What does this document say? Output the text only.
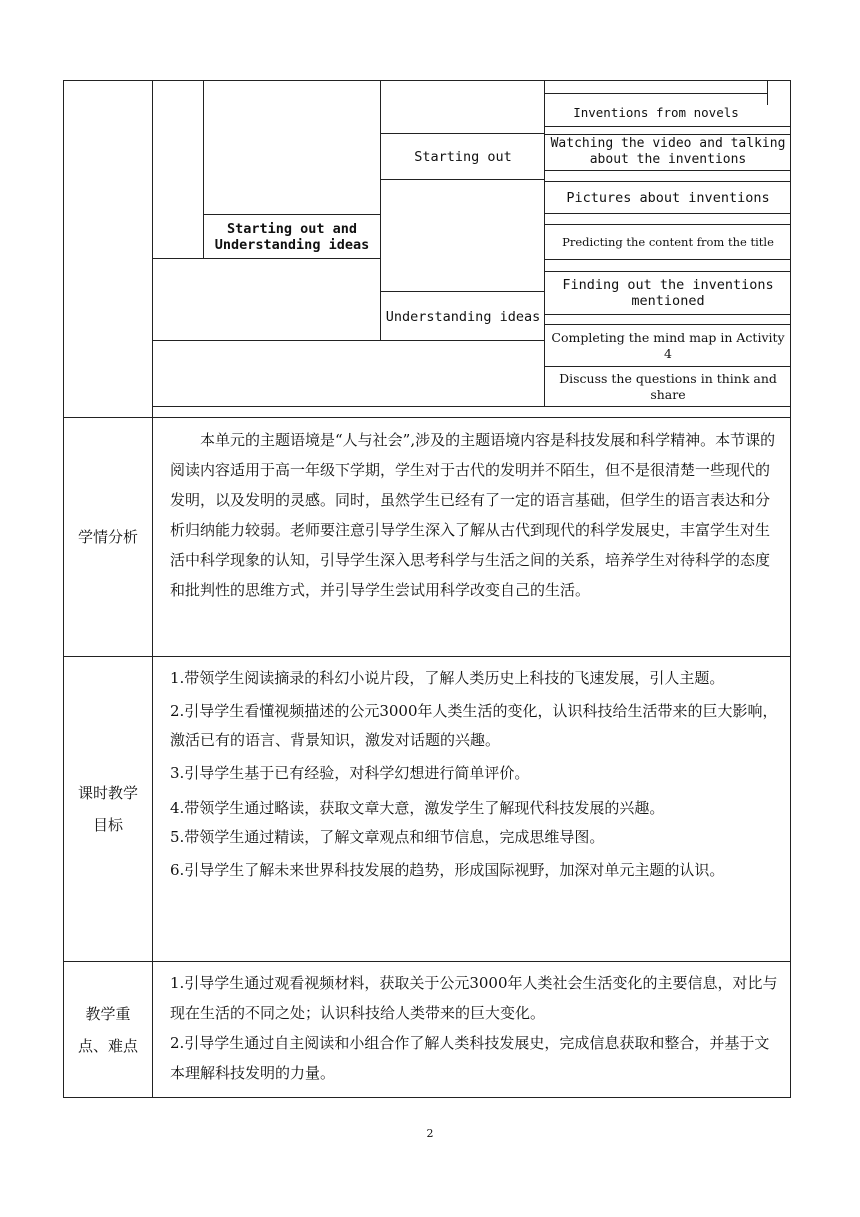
Starting out and Understanding ideas
Starting out
Understanding ideas
Inventions from novels
Watching the video and talking about the inventions
Pictures about inventions
Predicting the content from the title
Finding out the inventions mentioned
Completing the mind map in Activity 4
Discuss the questions in think and share
学情分析

本单元的主题语境是“人与社会”,涉及的主题语境内容是科技发展和科学精神。本节课的阅读内容适用于高一年级下学期，学生对于古代的发明并不陌生，但不是很清楚一些现代的发明，以及发明的灵感。同时，虽然学生已经有了一定的语言基础，但学生的语言表达和分析归纳能力较弱。老师要注意引导学生深入了解从古代到现代的科学发展史，丰富学生对生活中科学现象的认知，引导学生深入思考科学与生活之间的关系，培养学生对待科学的态度和批判性的思维方式，并引导学生尝试用科学改变自己的生活。

课时教学目标

1.带领学生阅读摘录的科幻小说片段，了解人类历史上科技的飞速发展，引人主题。

2.引导学生看懂视频描述的公元3000年人类生活的变化，认识科技给生活带来的巨大影响，激活已有的语言、背景知识，激发对话题的兴趣。

3.引导学生基于已有经验，对科学幻想进行简单评价。

4.带领学生通过略读，获取文章大意，激发学生了解现代科技发展的兴趣。

5.带领学生通过精读，了解文章观点和细节信息，完成思维导图。

6.引导学生了解未来世界科技发展的趋势，形成国际视野，加深对单元主题的认识。

教学重点、难点

1.引导学生通过观看视频材料，获取关于公元3000年人类社会生活变化的主要信息，对比与现在生活的不同之处；认识科技给人类带来的巨大变化。

2.引导学生通过自主阅读和小组合作了解人类科技发展史，完成信息获取和整合，并基于文本理解科技发明的力量。

2
